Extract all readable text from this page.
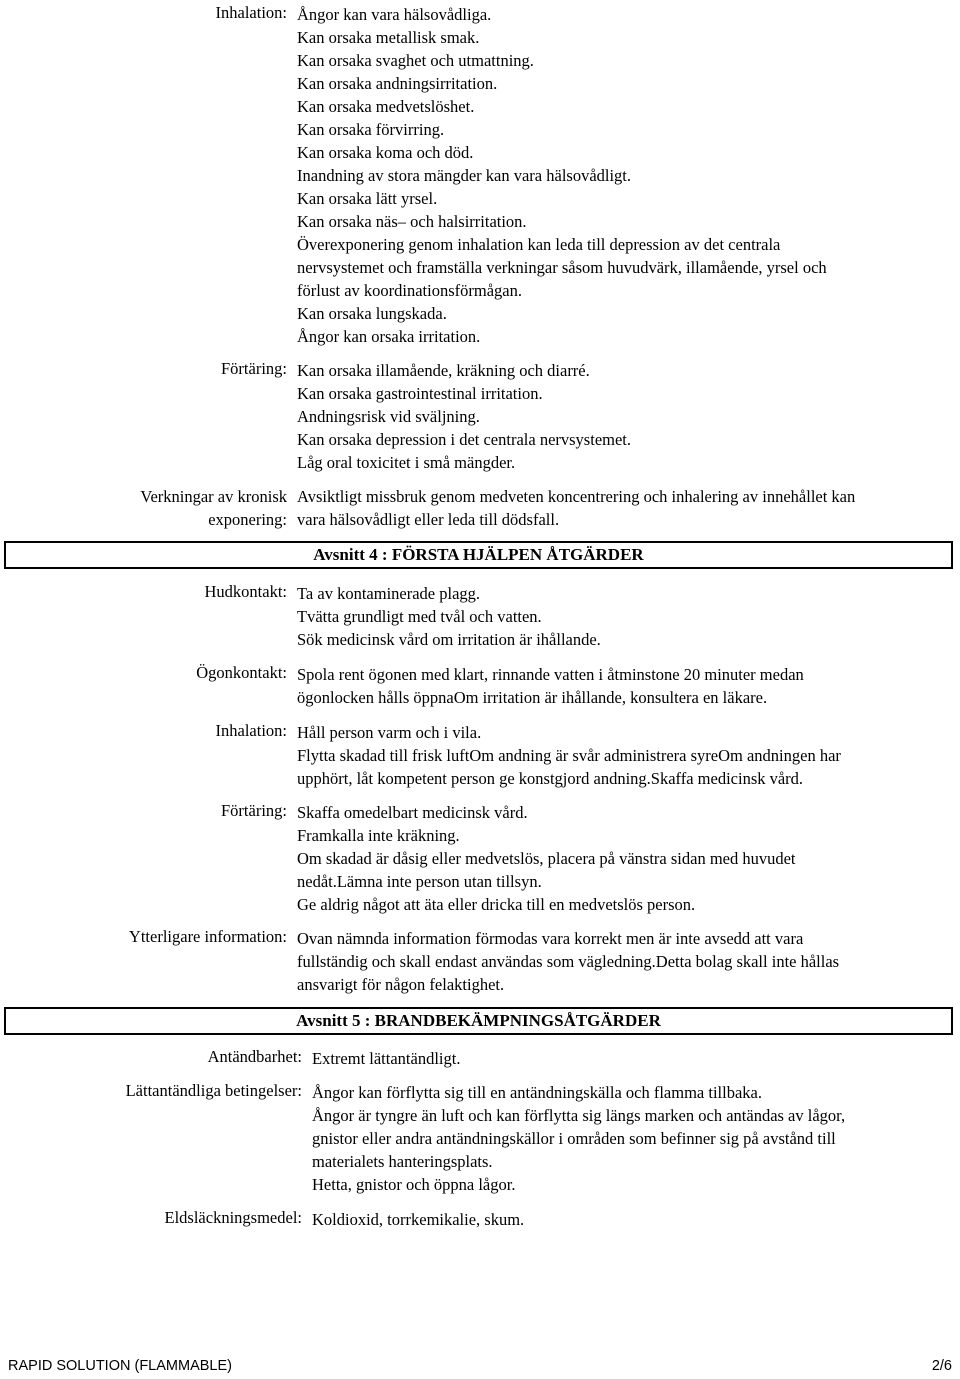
Inhalation: Ångor kan vara hälsovådliga.
Kan orsaka metallisk smak.
Kan orsaka svaghet och utmattning.
Kan orsaka andningsirritation.
Kan orsaka medvetslöshet.
Kan orsaka förvirring.
Kan orsaka koma och död.
Inandning av stora mängder kan vara hälsovådligt.
Kan orsaka lätt yrsel.
Kan orsaka näs– och halsirritation.
Överexponering genom inhalation kan leda till depression av det centrala
nervsystemet och framställa verkningar såsom huvudvärk, illamående, yrsel och
förlust av koordinationsförmågan.
Kan orsaka lungskada.
Ångor kan orsaka irritation.
Förtäring: Kan orsaka illamående, kräkning och diarré.
Kan orsaka gastrointestinal irritation.
Andningsrisk vid sväljning.
Kan orsaka depression i det centrala nervsystemet.
Låg oral toxicitet i små mängder.
Verkningar av kronisk
exponering:
Avsiktligt missbruk genom medveten koncentrering och inhalering av innehållet kan
vara hälsovådligt eller leda till dödsfall.
Avsnitt 4 : FÖRSTA HJÄLPEN ÅTGÄRDER
Hudkontakt: Ta av kontaminerade plagg.
Tvätta grundligt med tvål och vatten.
Sök medicinsk vård om irritation är ihållande.
Ögonkontakt: Spola rent ögonen med klart, rinnande vatten i åtminstone 20 minuter medan
ögonlocken hålls öppnaOm irritation är ihållande, konsultera en läkare.
Inhalation: Håll person varm och i vila.
Flytta skadad till frisk luftOm andning är svår administrera syreOm andningen har
upphört, låt kompetent person ge konstgjord andning.Skaffa medicinsk vård.
Förtäring: Skaffa omedelbart medicinsk vård.
Framkalla inte kräkning.
Om skadad är dåsig eller medvetslös, placera på vänstra sidan med huvudet
nedåt.Lämna inte person utan tillsyn.
Ge aldrig något att äta eller dricka till en medvetslös person.
Ytterligare information: Ovan nämnda information förmodas vara korrekt men är inte avsedd att vara
fullständig och skall endast användas som vägledning.Detta bolag skall inte hållas
ansvarigt för någon felaktighet.
Avsnitt 5 : BRANDBEKÄMPNINGSÅTGÄRDER
Antändbarhet: Extremt lättantändligt.
Lättantändliga betingelser: Ångor kan förflytta sig till en antändningskälla och flamma tillbaka.
Ångor är tyngre än luft och kan förflytta sig längs marken och antändas av lågor,
gnistor eller andra antändningskällor i områden som befinner sig på avstånd till
materialets hanteringsplats.
Hetta, gnistor och öppna lågor.
Eldsläckningsmedel: Koldioxid, torrkemikalie, skum.
RAPID SOLUTION (FLAMMABLE)	2/6
